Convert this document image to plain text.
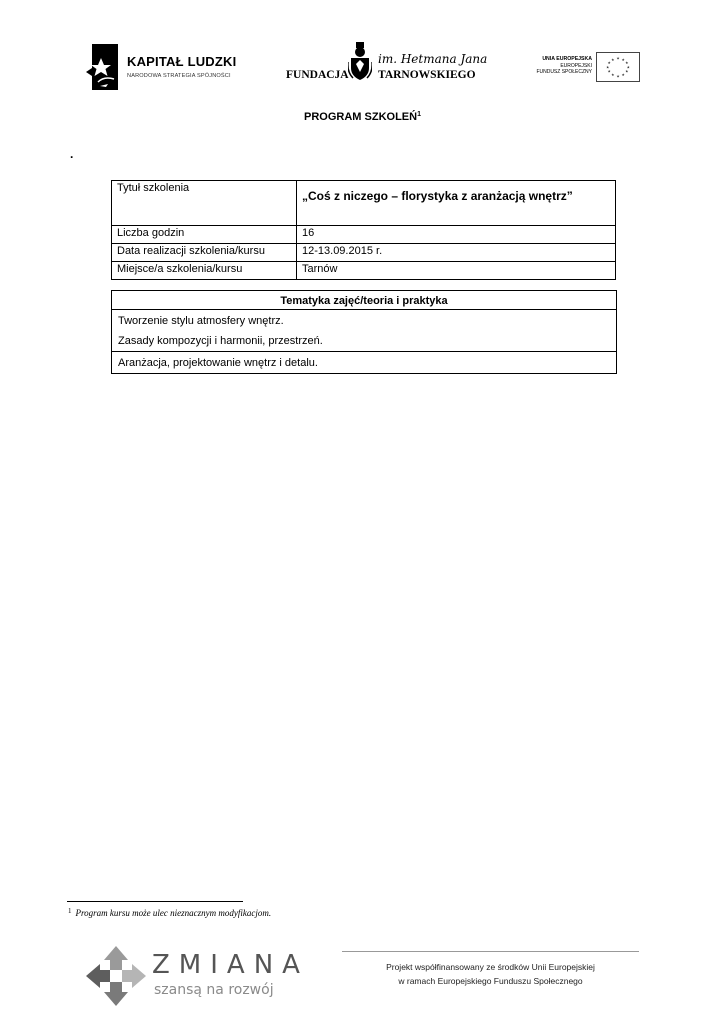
KAPITAŁ LUDZKI
NARODOWA STRATEGIA SPÓJNOŚCI
im. Hetmana Jana
FUNDACJA	TARNOWSKIEGO
UNIA EUROPEJSKA
EUROPEJSKI
FUNDUSZ SPOŁECZNY
★ ★
★
★
★
★
★
★
★
★
★
★
PROGRAM SZKOLEŃ$^1$
.
Tytuł szkolenia	„Coś z niczego – florystyka z aranżacją wnętrz”
Liczba godzin	16
Data realizacji szkolenia/kursu	12-13.09.2015 r.
Miejsce/a szkolenia/kursu	Tarnów
Tematyka zajęć/teoria i praktyka
Tworzenie stylu atmosfery wnętrz.
Zasady kompozycji i harmonii, przestrzeń.
Aranżacja, projektowanie wnętrz i detalu.
$^1$ Program kursu może ulec nieznacznym modyfikacjom.
ZMIANA
szansą na rozwój
Projekt współfinansowany ze środków Unii Europejskiej
w ramach Europejskiego Funduszu Społecznego
